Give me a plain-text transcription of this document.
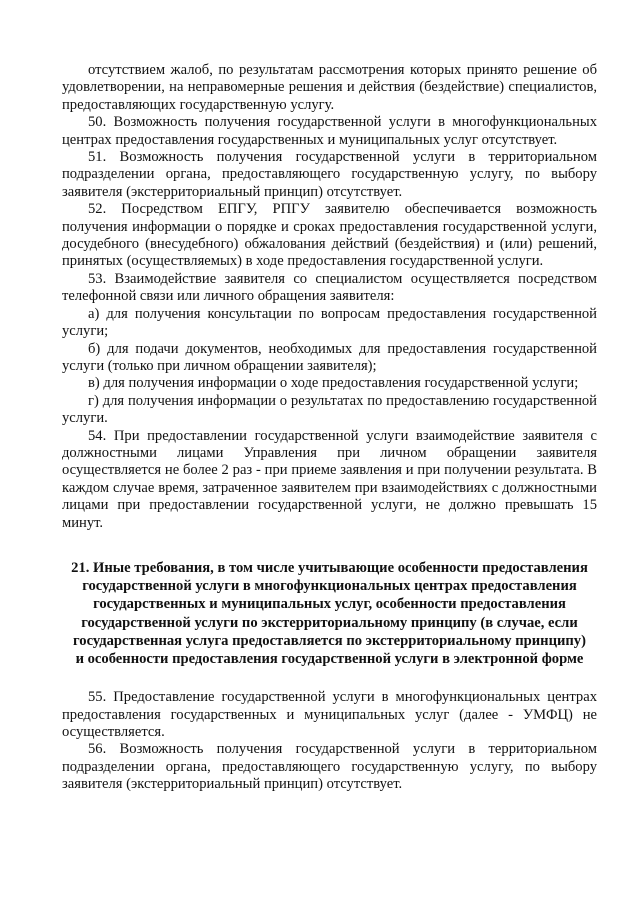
отсутствием жалоб, по результатам рассмотрения которых принято решение об удовлетворении, на неправомерные решения и действия (бездействие) специалистов, предоставляющих государственную услугу.

50. Возможность получения государственной услуги в многофункциональных центрах предоставления государственных и муниципальных услуг отсутствует.

51. Возможность получения государственной услуги в территориальном подразделении органа, предоставляющего государственную услугу, по выбору заявителя (экстерриториальный принцип) отсутствует.

52. Посредством ЕПГУ, РПГУ заявителю обеспечивается возможность получения информации о порядке и сроках предоставления государственной услуги, досудебного (внесудебного) обжалования действий (бездействия) и (или) решений, принятых (осуществляемых) в ходе предоставления государственной услуги.

53. Взаимодействие заявителя со специалистом осуществляется посредством телефонной связи или личного обращения заявителя:

а) для получения консультации по вопросам предоставления государственной услуги;

б) для подачи документов, необходимых для предоставления государственной услуги (только при личном обращении заявителя);

в) для получения информации о ходе предоставления государственной услуги;

г) для получения информации о результатах по предоставлению государственной услуги.

54. При предоставлении государственной услуги взаимодействие заявителя с должностными лицами Управления при личном обращении заявителя осуществляется не более 2 раз - при приеме заявления и при получении результата. В каждом случае время, затраченное заявителем при взаимодействиях с должностными лицами при предоставлении государственной услуги, не должно превышать 15 минут.

21. Иные требования, в том числе учитывающие особенности предоставления государственной услуги в многофункциональных центрах предоставления государственных и муниципальных услуг, особенности предоставления государственной услуги по экстерриториальному принципу (в случае, если государственная услуга предоставляется по экстерриториальному принципу) и особенности предоставления государственной услуги в электронной форме

55. Предоставление государственной услуги в многофункциональных центрах предоставления государственных и муниципальных услуг (далее - УМФЦ) не осуществляется.

56. Возможность получения государственной услуги в территориальном подразделении органа, предоставляющего государственную услугу, по выбору заявителя (экстерриториальный принцип) отсутствует.
